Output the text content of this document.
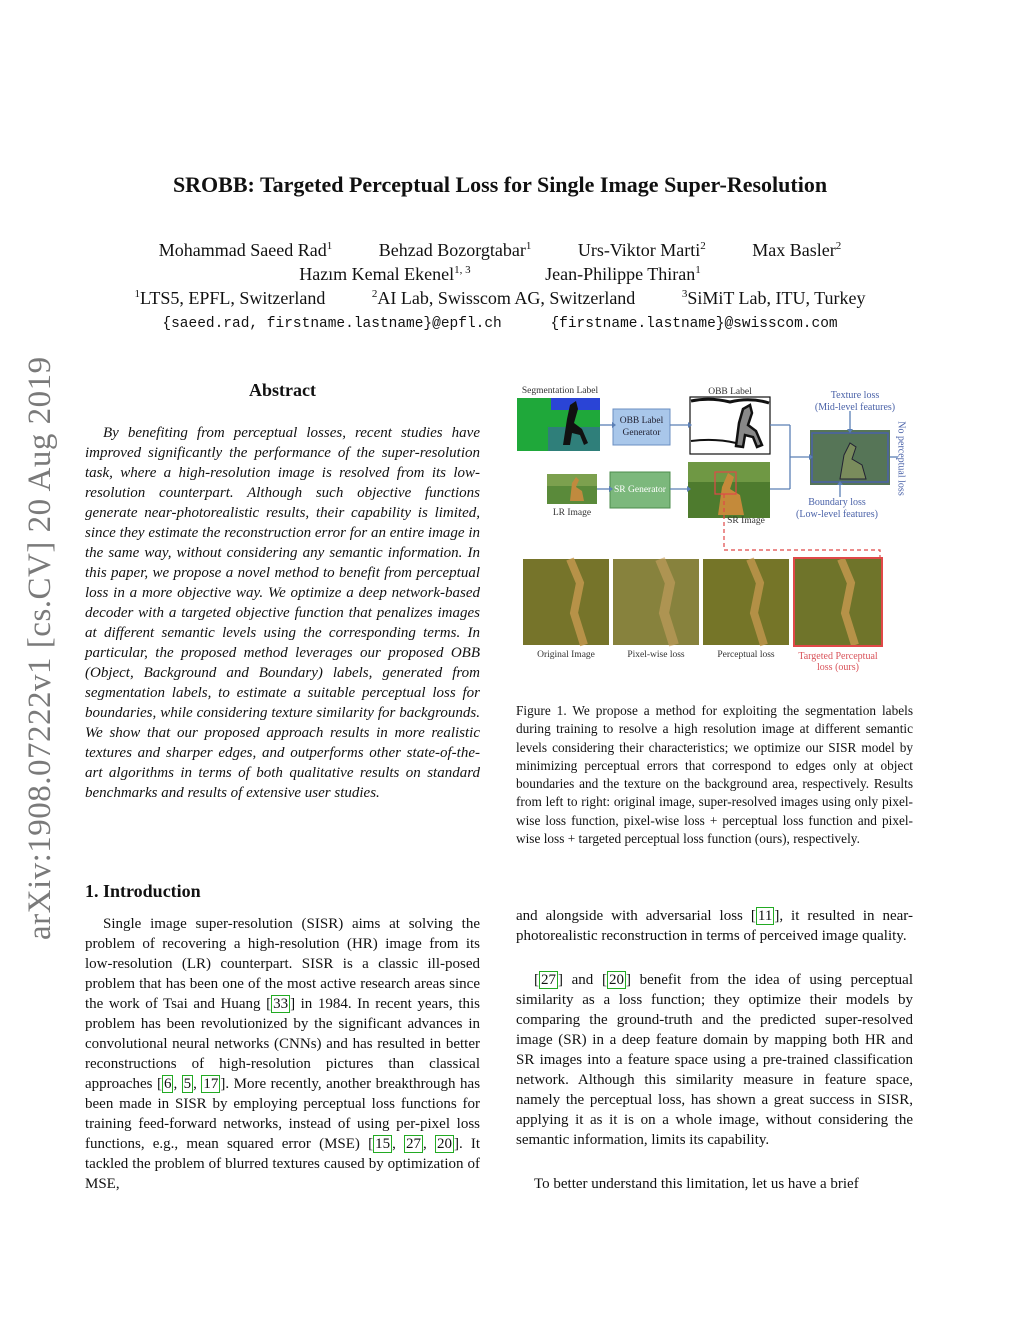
arXiv:1908.07222v1 [cs.CV] 20 Aug 2019
SROBB: Targeted Perceptual Loss for Single Image Super-Resolution
Mohammad Saeed Rad$^1$	Behzad Bozorgtabar$^1$	Urs-Viktor Marti$^2$	Max Basler$^2$
Hazım Kemal Ekenel$^{1, 3}$	Jean-Philippe Thiran$^1$
$^1$LTS5, EPFL, Switzerland	$^2$AI Lab, Swisscom AG, Switzerland	$^3$SiMiT Lab, ITU, Turkey
{saeed.rad, firstname.lastname}@epfl.ch	{firstname.lastname}@swisscom.com
Abstract

By benefiting from perceptual losses, recent studies have improved significantly the performance of the super-resolution task, where a high-resolution image is resolved from its low-resolution counterpart. Although such objective functions generate near-photorealistic results, their capability is limited, since they estimate the reconstruction error for an entire image in the same way, without considering any semantic information. In this paper, we propose a novel method to benefit from perceptual loss in a more objective way. We optimize a deep network-based decoder with a targeted objective function that penalizes images at different semantic levels using the corresponding terms. In particular, the proposed method leverages our proposed OBB (Object, Background and Boundary) labels, generated from segmentation labels, to estimate a suitable perceptual loss for boundaries, while considering texture similarity for backgrounds. We show that our proposed approach results in more realistic textures and sharper edges, and outperforms other state-of-the-art algorithms in terms of both qualitative results on standard benchmarks and results of extensive user studies.

1. Introduction

Single image super-resolution (SISR) aims at solving the problem of recovering a high-resolution (HR) image from its low-resolution (LR) counterpart. SISR is a classic ill-posed problem that has been one of the most active research areas since the work of Tsai and Huang [ 33 ] in 1984. In recent years, this problem has been revolutionized by the significant advances in convolutional neural networks (CNNs) and has resulted in better reconstructions of high-resolution pictures than classical approaches [ 6 , 5 , 17 ]. More recently, another breakthrough has been made in SISR by employing perceptual loss functions for training feed-forward networks, instead of using per-pixel loss functions, e.g., mean squared error (MSE) [ 15 , 27 , 20 ]. It tackled the problem of blurred textures caused by optimization of MSE,

and alongside with adversarial loss [ 11 ], it resulted in near-photorealistic reconstruction in terms of perceived image quality.

[ 27 ] and [ 20 ] benefit from the idea of using perceptual similarity as a loss function; they optimize their models by comparing the ground-truth and the predicted super-resolved image (SR) in a deep feature domain by mapping both HR and SR images into a feature space using a pre-trained classification network. Although this similarity measure in feature space, namely the perceptual loss, has shown a great success in SISR, applying it as it is on a whole image, without considering the semantic information, limits its capability.

To better understand this limitation, let us have a brief

Segmentation Label	OBB Label
OBB Label Generator
SR Generator
LR Image
SR Image
Texture loss
(Mid-level features)
Boundary loss
(Low-level features)
No perceptual loss
Original Image	Pixel-wise loss	Perceptual loss	Targeted Perceptual loss (ours)

Figure 1. We propose a method for exploiting the segmentation labels during training to resolve a high resolution image at different semantic levels considering their characteristics; we optimize our SISR model by minimizing perceptual errors that correspond to edges only at object boundaries and the texture on the background area, respectively. Results from left to right: original image, super-resolved images using only pixel-wise loss function, pixel-wise loss + perceptual loss function and pixel-wise loss + targeted perceptual loss function (ours), respectively.
